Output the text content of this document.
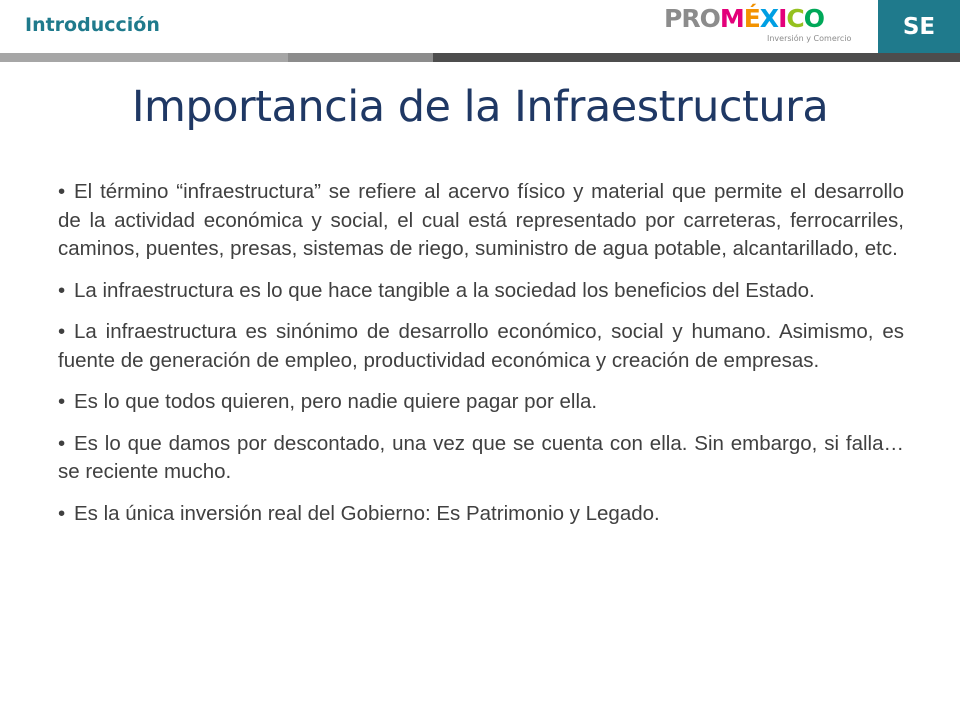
Introducción	PROMÉXICO
Inversión y Comercio	SE
Importancia de la Infraestructura
• El término “infraestructura” se refiere al acervo físico y material que permite el desarrollo de la actividad económica y social, el cual está representado por carreteras, ferrocarriles, caminos, puentes, presas, sistemas de riego, suministro de agua potable, alcantarillado, etc.
• La infraestructura es lo que hace tangible a la sociedad los beneficios del Estado.
• La infraestructura es sinónimo de desarrollo económico, social y humano. Asimismo, es fuente de generación de empleo, productividad económica y creación de empresas.
• Es lo que todos quieren, pero nadie quiere pagar por ella.
• Es lo que damos por descontado, una vez que se cuenta con ella. Sin embargo, si falla…se reciente mucho.
• Es la única inversión real del Gobierno: Es Patrimonio y Legado.
